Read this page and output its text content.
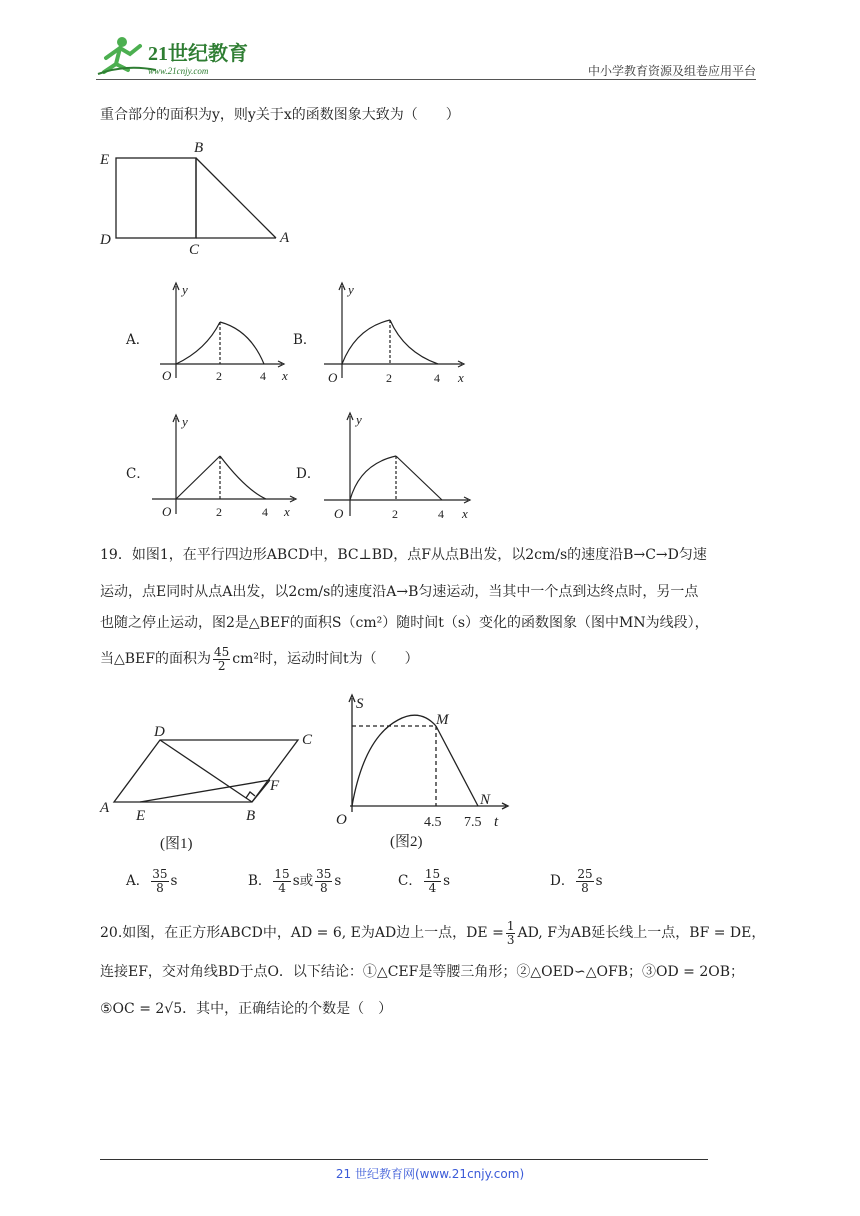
21世纪教育
www.21cnjy.com	中小学教育资源及组卷应用平台
重合部分的面积为y，则y关于x的函数图象大致为（　　）
E
B
D
C
A
A．
y
x
O	2	4
B．
y
x
O	2	4
C．
y
x
O	2	4
D．
y
x
O	2	4
19．如图1，在平行四边形ABCD中，BC⊥BD，点F从点B出发，以2cm/s的速度沿B→C→D匀速
运动，点E同时从点A出发，以2cm/s的速度沿A→B匀速运动，当其中一个点到达终点时，另一点
也随之停止运动，图2是△BEF的面积S（cm²）随时间t（s）变化的函数图象（图中MN为线段），
当△BEF的面积为 $\frac{45}{2} cm^2$时，运动时间t为（　　）
A	B
C
D
E
F
(图1)
S
M
N
O	t
4.5 7.5
(图2)
A． $\frac{35}{8}$ s	B． $\frac{15}{4}$ s或 $\frac{35}{8}$ s	C． $\frac{15}{4}$ s	D． $\frac{25}{8}$ s
20.如图，在正方形ABCD中，AD = 6, E为AD边上一点，DE = $\frac{1}{3}$ AD, F为AB延长线上一点，BF = DE，
连接EF，交对角线BD于点O．以下结论：①△CEF是等腰三角形；②△OED∽△OFB；③OD = 2OB；
⑤OC = 2√5．其中，正确结论的个数是（　）
21 世纪教育网(www.21cnjy.com)
